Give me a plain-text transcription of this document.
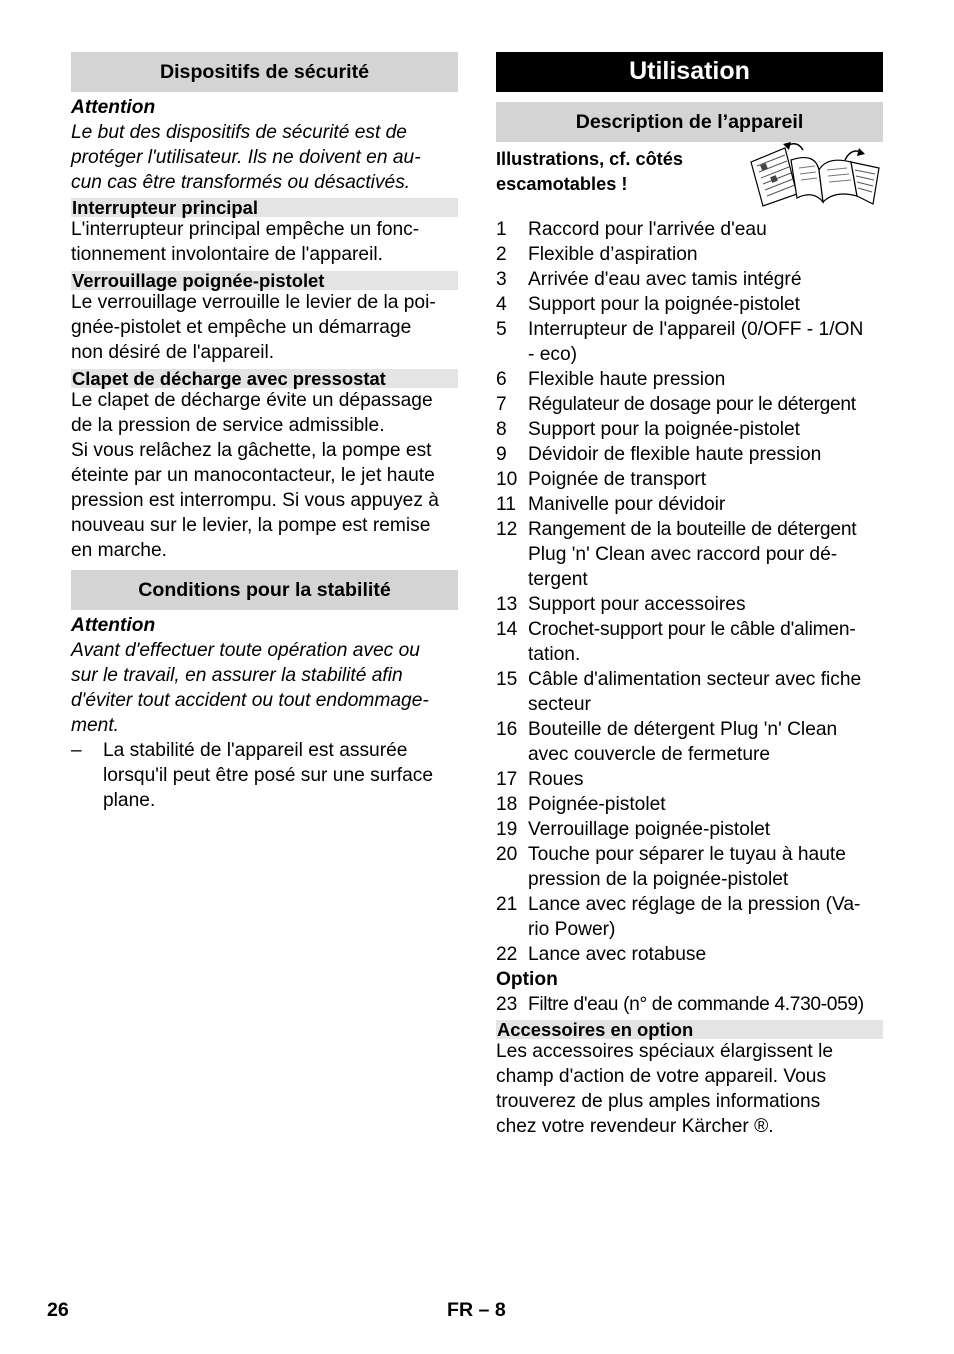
Dispositifs de sécurité
Attention
Le but des dispositifs de sécurité est de
protéger l'utilisateur. Ils ne doivent en au-
cun cas être transformés ou désactivés.
Interrupteur principal
L'interrupteur principal empêche un fonc-
tionnement involontaire de l'appareil.
Verrouillage poignée-pistolet
Le verrouillage verrouille le levier de la poi-
gnée-pistolet et empêche un démarrage
non désiré de l'appareil.
Clapet de décharge avec pressostat
Le clapet de décharge évite un dépassage
de la pression de service admissible.
Si vous relâchez la gâchette, la pompe est
éteinte par un manocontacteur, le jet haute
pression est interrompu. Si vous appuyez à
nouveau sur le levier, la pompe est remise
en marche.
Conditions pour la stabilité
Attention
Avant d'effectuer toute opération avec ou
sur le travail, en assurer la stabilité afin
d'éviter tout accident ou tout endommage-
ment.
–	La stabilité de l'appareil est assurée
lorsqu'il peut être posé sur une surface
plane.
Utilisation
Description de l’appareil
Illustrations, cf. côtés
escamotables !
1	Raccord pour l'arrivée d'eau
2	Flexible d’aspiration
3	Arrivée d'eau avec tamis intégré
4	Support pour la poignée-pistolet
5	Interrupteur de l'appareil (0/OFF - 1/ON
- eco)
6	Flexible haute pression
7	Régulateur de dosage pour le détergent
8	Support pour la poignée-pistolet
9	Dévidoir de flexible haute pression
10 Poignée de transport
11 Manivelle pour dévidoir
12 Rangement de la bouteille de détergent
Plug 'n' Clean avec raccord pour dé-
tergent
13 Support pour accessoires
14 Crochet-support pour le câble d'alimen-
tation.
15 Câble d'alimentation secteur avec fiche
secteur
16 Bouteille de détergent Plug 'n' Clean
avec couvercle de fermeture
17 Roues
18 Poignée-pistolet
19 Verrouillage poignée-pistolet
20 Touche pour séparer le tuyau à haute
pression de la poignée-pistolet
21 Lance avec réglage de la pression (Va-
rio Power)
22 Lance avec rotabuse
Option
23 Filtre d'eau (n° de commande 4.730-059)
Accessoires en option
Les accessoires spéciaux élargissent le
champ d'action de votre appareil. Vous
trouverez de plus amples informations
chez votre revendeur Kärcher ®.
26	FR – 8
